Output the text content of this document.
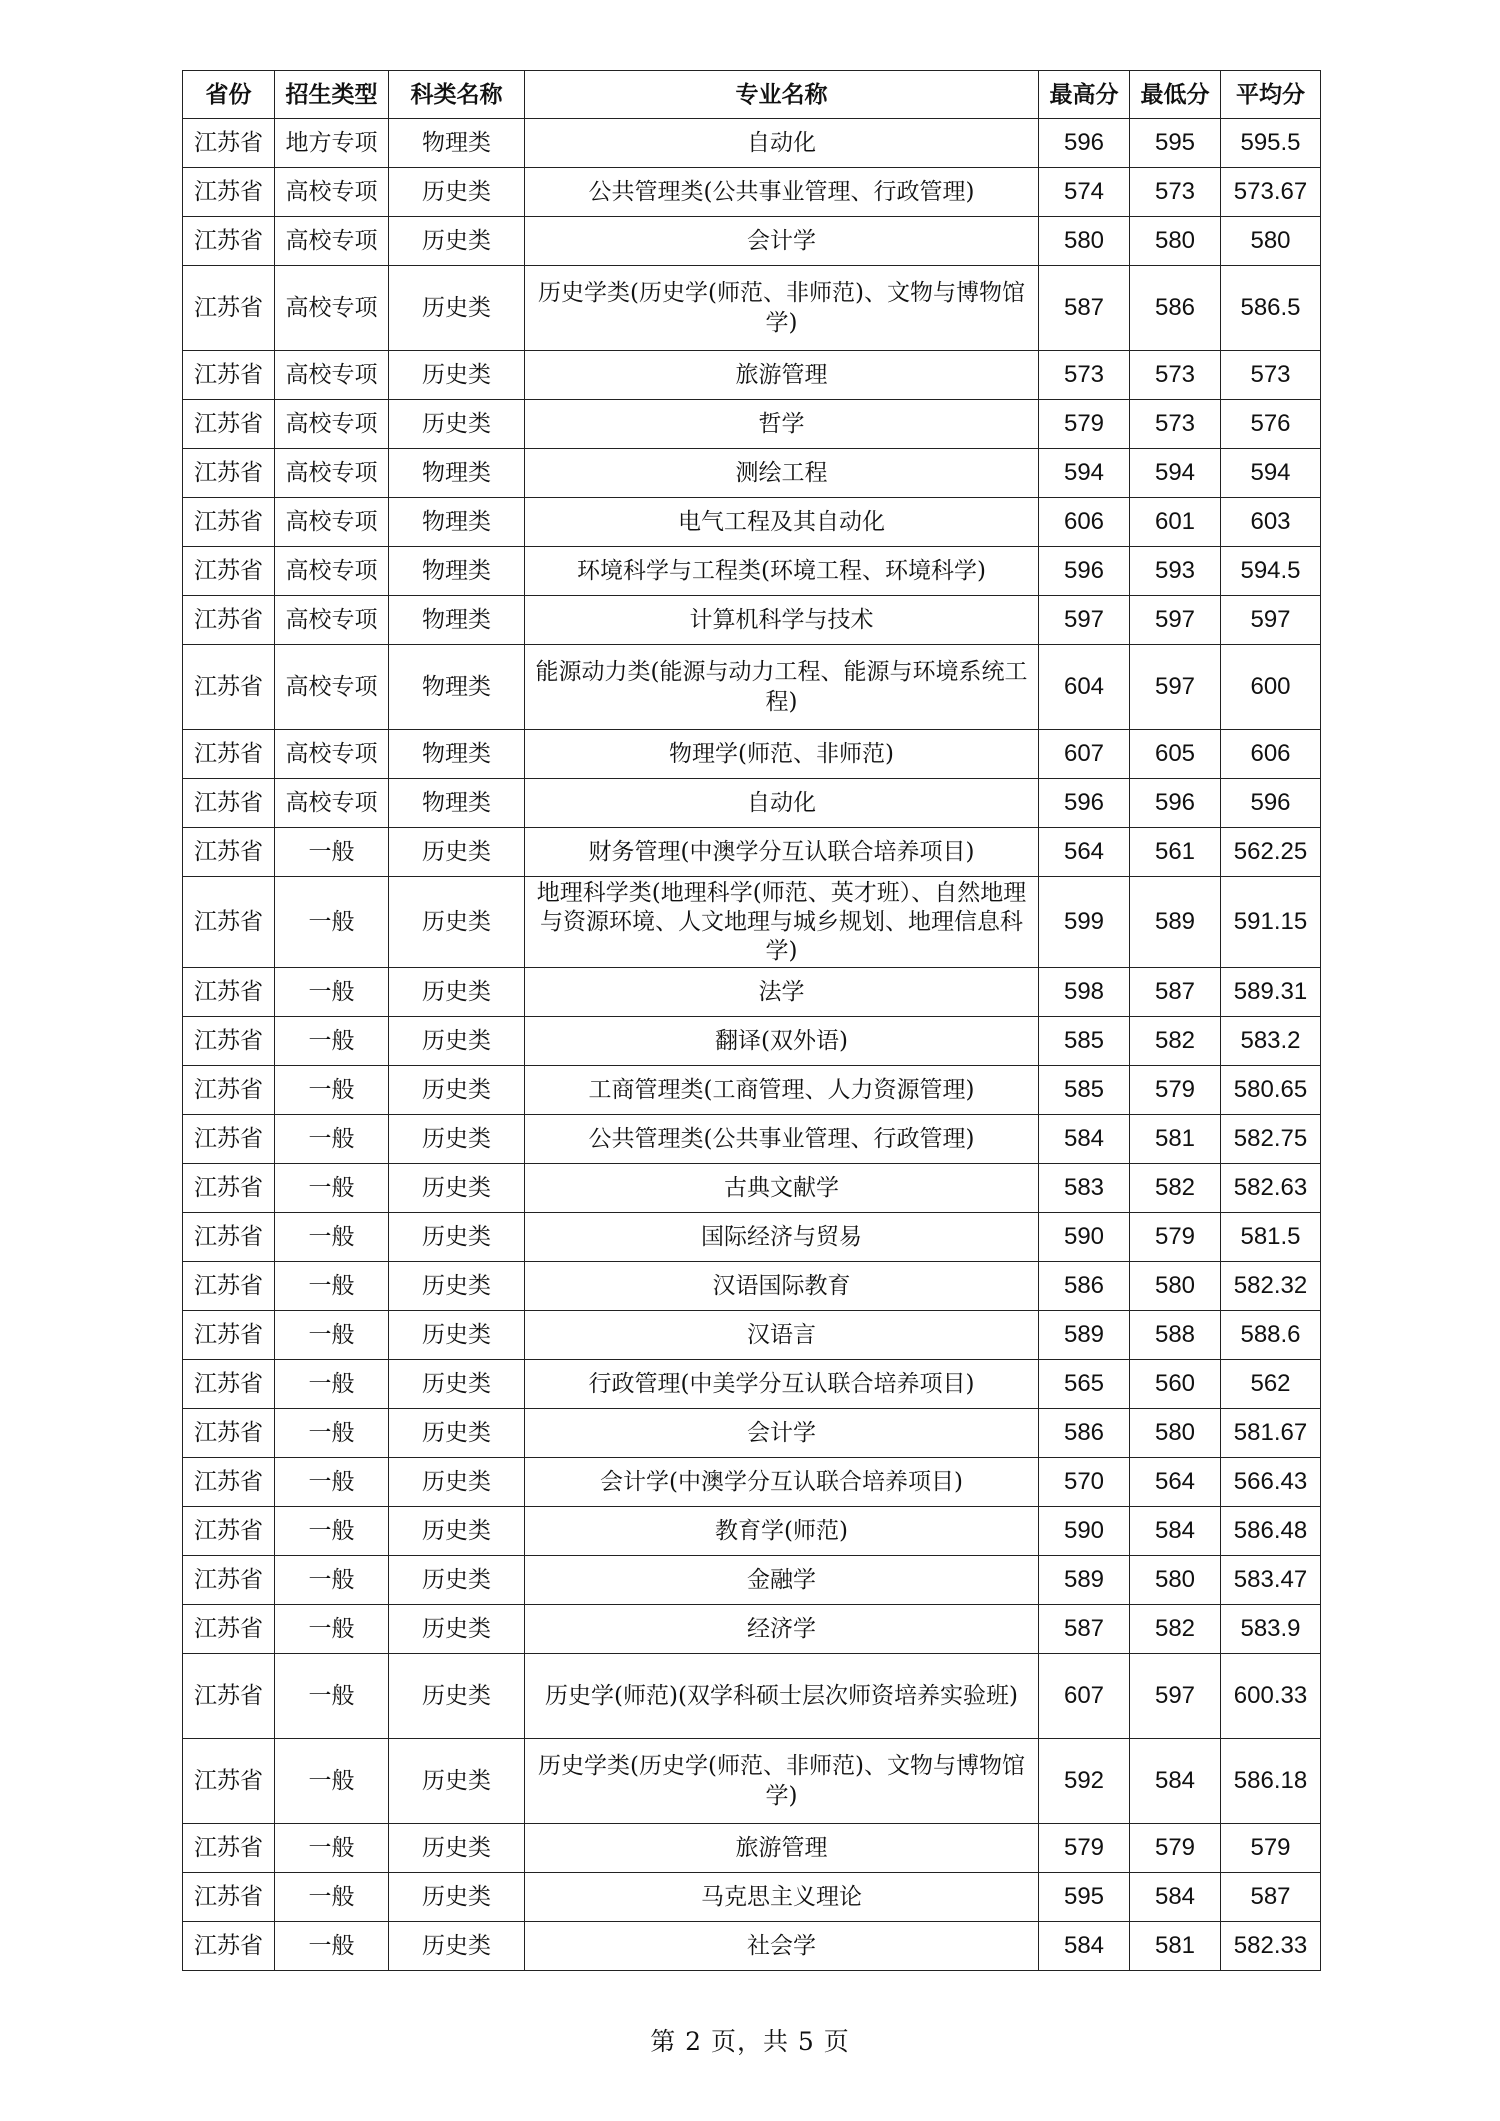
省份	招生类型	科类名称	专业名称	最高分	最低分	平均分
江苏省	地方专项	物理类	自动化	596	595	595.5
江苏省	高校专项	历史类	公共管理类(公共事业管理、行政管理)	574	573	573.67
江苏省	高校专项	历史类	会计学	580	580	580
江苏省	高校专项	历史类	历史学类(历史学(师范、非师范)、文物与博物馆学)	587	586	586.5
江苏省	高校专项	历史类	旅游管理	573	573	573
江苏省	高校专项	历史类	哲学	579	573	576
江苏省	高校专项	物理类	测绘工程	594	594	594
江苏省	高校专项	物理类	电气工程及其自动化	606	601	603
江苏省	高校专项	物理类	环境科学与工程类(环境工程、环境科学)	596	593	594.5
江苏省	高校专项	物理类	计算机科学与技术	597	597	597
江苏省	高校专项	物理类	能源动力类(能源与动力工程、能源与环境系统工程)	604	597	600
江苏省	高校专项	物理类	物理学(师范、非师范)	607	605	606
江苏省	高校专项	物理类	自动化	596	596	596
江苏省	一般	历史类	财务管理(中澳学分互认联合培养项目)	564	561	562.25
江苏省	一般	历史类	地理科学类(地理科学(师范、英才班）、自然地理与资源环境、人文地理与城乡规划、地理信息科学)	599	589	591.15
江苏省	一般	历史类	法学	598	587	589.31
江苏省	一般	历史类	翻译(双外语)	585	582	583.2
江苏省	一般	历史类	工商管理类(工商管理、人力资源管理)	585	579	580.65
江苏省	一般	历史类	公共管理类(公共事业管理、行政管理)	584	581	582.75
江苏省	一般	历史类	古典文献学	583	582	582.63
江苏省	一般	历史类	国际经济与贸易	590	579	581.5
江苏省	一般	历史类	汉语国际教育	586	580	582.32
江苏省	一般	历史类	汉语言	589	588	588.6
江苏省	一般	历史类	行政管理(中美学分互认联合培养项目)	565	560	562
江苏省	一般	历史类	会计学	586	580	581.67
江苏省	一般	历史类	会计学(中澳学分互认联合培养项目)	570	564	566.43
江苏省	一般	历史类	教育学(师范)	590	584	586.48
江苏省	一般	历史类	金融学	589	580	583.47
江苏省	一般	历史类	经济学	587	582	583.9
江苏省	一般	历史类	历史学(师范)(双学科硕士层次师资培养实验班)	607	597	600.33
江苏省	一般	历史类	历史学类(历史学(师范、非师范)、文物与博物馆学)	592	584	586.18
江苏省	一般	历史类	旅游管理	579	579	579
江苏省	一般	历史类	马克思主义理论	595	584	587
江苏省	一般	历史类	社会学	584	581	582.33
第 2 页，共 5 页
